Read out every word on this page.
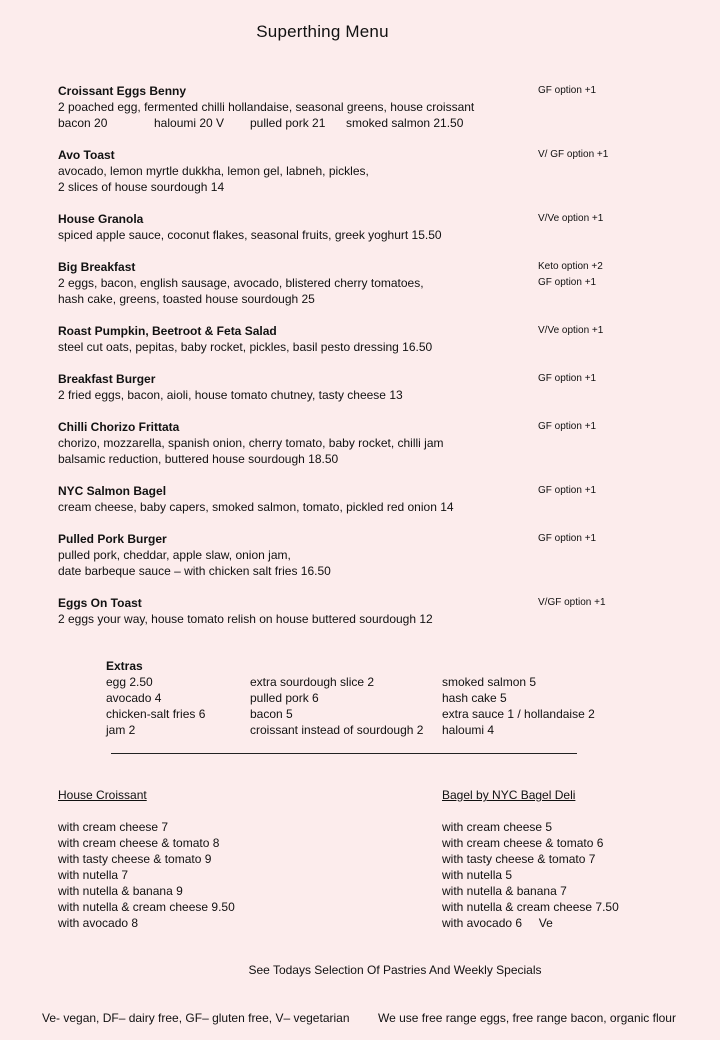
Superthing Menu
Croissant Eggs Benny
2 poached egg, fermented chilli hollandaise, seasonal greens, house croissant
bacon 20	haloumi 20 V pulled pork 21 smoked salmon 21.50
GF option +1
Avo Toast
avocado, lemon myrtle dukkha, lemon gel, labneh, pickles,
2 slices of house sourdough 14
V/ GF option +1
House Granola
spiced apple sauce, coconut flakes, seasonal fruits, greek yoghurt 15.50
V/Ve option +1
Big Breakfast
2 eggs, bacon, english sausage, avocado, blistered cherry tomatoes,
hash cake, greens, toasted house sourdough 25
Keto option +2
GF option +1
Roast Pumpkin, Beetroot & Feta Salad
steel cut oats, pepitas, baby rocket, pickles, basil pesto dressing 16.50
V/Ve option +1
Breakfast Burger
2 fried eggs, bacon, aioli, house tomato chutney, tasty cheese 13
GF option +1
Chilli Chorizo Frittata
chorizo, mozzarella, spanish onion, cherry tomato, baby rocket, chilli jam
balsamic reduction, buttered house sourdough 18.50
GF option +1
NYC Salmon Bagel
cream cheese, baby capers, smoked salmon, tomato, pickled red onion 14
GF option +1
Pulled Pork Burger
pulled pork, cheddar, apple slaw, onion jam,
date barbeque sauce – with chicken salt fries 16.50
GF option +1
Eggs On Toast
2 eggs your way, house tomato relish on house buttered sourdough 12
V/GF option +1
Extras
egg 2.50
avocado 4
chicken-salt fries 6
jam 2
extra sourdough slice 2
pulled pork 6
bacon 5
croissant instead of sourdough 2
smoked salmon 5
hash cake 5
extra sauce 1 / hollandaise 2
haloumi 4
House Croissant
with cream cheese 7
with cream cheese & tomato 8
with tasty cheese & tomato 9
with nutella 7
with nutella & banana 9
with nutella & cream cheese 9.50
with avocado 8
Bagel by NYC Bagel Deli
with cream cheese 5
with cream cheese & tomato 6
with tasty cheese & tomato 7
with nutella 5
with nutella & banana 7
with nutella & cream cheese 7.50
with avocado 6     Ve
See Todays Selection Of Pastries And Weekly Specials
Ve- vegan, DF– dairy free, GF– gluten free, V– vegetarian We use free range eggs, free range bacon, organic flour
